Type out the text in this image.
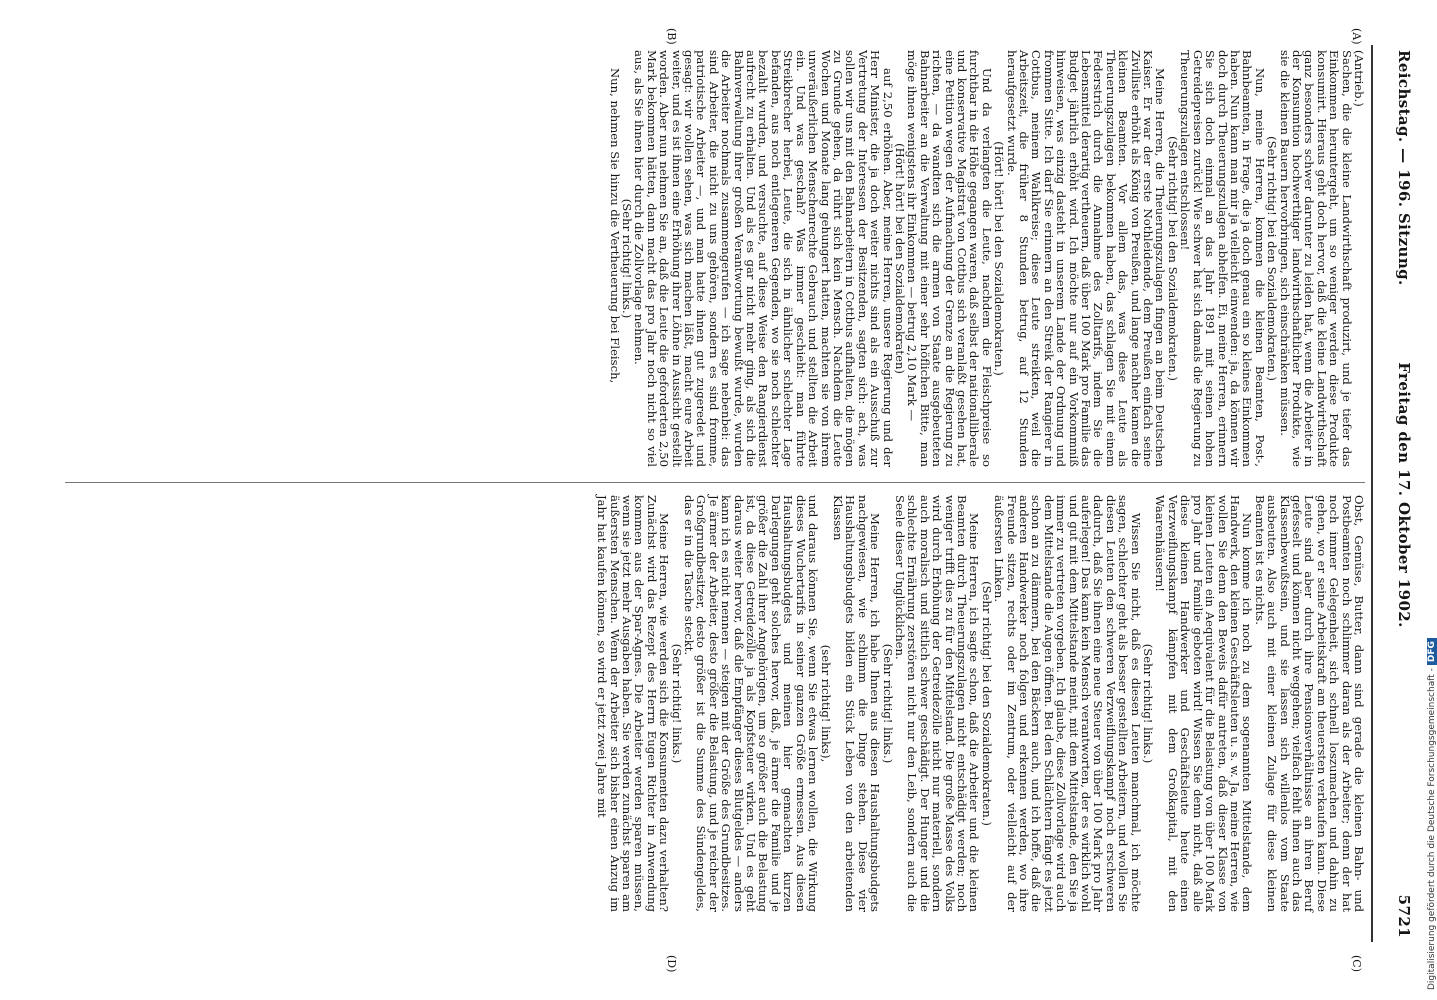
Reichstag. — 196. Sitzung.
Freitag den 17. Oktober 1902.
5721
(A)
(B)
(C)
(D)

(Antrieb.)

Sachen, die die kleine Landwirthschaft produzirt, und je tiefer das Einkommen heruntergeht, um so weniger werden diese Produkte konsumirt. Hieraus geht doch hervor, daß die kleine Landwirthschaft ganz besonders schwer darunter zu leiden hat, wenn die Arbeiter in der Konsumtion hochwerthiger landwirthschaftlicher Produkte, wie sie die kleinen Bauern hervorbringen, sich einschränken müssen.

(Sehr richtig! bei den Sozialdemokraten.)

Nun, meine Herren, kommen die kleinen Beamten, Post-, Bahnbeamten, in Frage, die ja doch genau ein so kleines Einkommen haben. Nun kann man mir ja vielleicht einwenden: ja, da können wir doch durch Theuerungszulagen abhelfen. Ei, meine Herren, erinnern Sie sich doch einmal an das Jahr 1891 mit seinen hohen Getreidepreisen zurück! Wie schwer hat sich damals die Regierung zu Theuerungszulagen entschlossen!

(Sehr richtig! bei den Sozialdemokraten.)

Meine Herren, die Theuerungszulagen fingen an beim Deutschen Kaiser. Er war der erste Nothleidende, dem Preußen einfach seine Zivilliste erhöht als König von Preußen, und lange nachher kamen die kleinen Beamten. Vor allem das, was diese Leute als Theuerungszulagen bekommen haben, das schlagen Sie mit einem Federstrich durch die Annahme des Zolltarifs, indem Sie die Lebensmittel derartig vertheuern, daß über 100 Mark pro Familie das Budget jährlich erhöht wird. Ich möchte nur auf ein Vorkommniß hinweisen, was einzig dasteht in unserem Lande der Ordnung und frommen Sitte. Ich darf Sie erinnern an den Streik der Rangierer in Cottbus, meinem Wahlkreise; diese Leute streikten, weil die Arbeitszeit, die früher 8 Stunden betrug, auf 12 Stunden heraufgesetzt wurde.

(Hört! hört! bei den Sozialdemokraten.)

Und da verlangten die Leute, nachdem die Fleischpreise so furchtbar in die Höhe gegangen waren, daß selbst der nationalliberale und konservative Magistrat von Cottbus sich veranlaßt gesehen hat, eine Petition wegen der Aufmachung der Grenze an die Regierung zu richten, — da wandten sich die armen von Staate ausgebeuteten Bahnarbeiter an die Verwaltung mit einer sehr höflichen Bitte, man möge ihnen wenigstens ihr Einkommen — betrug 2,10 Mark —

(Hört! hört! bei den Sozialdemokraten)

auf 2,50 erhöhen. Aber, meine Herren, unsere Regierung und der Herr Minister, die ja doch weiter nichts sind als ein Ausschuß zur Vertretung der Interessen der Besitzenden, sagten sich: ach, was sollen wir uns mit den Bahnarbeitern in Cottbus aufhalten, die mögen zu Grunde gehen, da rührt sich kein Mensch. Nachdem die Leute Wochen und Monate lang gehungert hatten, machten sie von ihrem unveräußerlichen Menschenrechte Gebrauch und stellten die Arbeit ein. Und was geschah? Was immer geschieht: man führte Streikbrecher herbei, Leute, die sich in ähnlicher schlechter Lage befanden, aus noch entlegeneren Gegenden, wo sie noch schlechter bezahlt wurden, und versuchte, auf diese Weise den Rangierdienst aufrecht zu erhalten. Und als es gar nicht mehr ging, als sich die Bahnverwaltung ihrer großen Verantwortung bewußt wurde, wurden die Arbeiter nochmals zusammengerufen — ich sage nebenbei: das sind Arbeiter, die nicht zu uns gehören, sondern es sind fromme, patriotische Arbeiter —, und man hatte ihnen gut zugeredet und gesagt: wir wollen sehen, was sich machen läßt, macht eure Arbeit weiter, und es ist ihnen eine Erhöhung ihrer Löhne in Aussicht gestellt worden. Aber nun nehmen Sie an, daß die Leute die geforderten 2,50 Mark bekommen hätten, dann macht das pro Jahr noch nicht so viel aus, als Sie ihnen hier durch die Zollvorlage nehmen.

(Sehr richtig! links.)

Nun, nehmen Sie hinzu die Vertheuerung bei Fleisch,

Obst, Gemüse, Butter, dann sind gerade die kleinen Bahn- und Postbeamten noch schlimmer daran als der Arbeiter; denn der hat noch immer Gelegenheit, sich schnell loszumachen und dahin zu gehen, wo er seine Arbeitskraft am theuersten verkaufen kann. Diese Leute sind aber durch ihre Pensionsverhältnisse an ihren Beruf gefesselt und können nicht weggehen; vielfach fehlt ihnen auch das Klassenbewußtsein, und sie lassen sich willenlos vom Staate ausbeuten. Also auch mit einer kleinen Zulage für diese kleinen Beamten ist es nichts.

Nun komme ich noch zu dem sogenannten Mittelstande, dem Handwerk, den kleinen Geschäftsleuten u. s. w. Ja, meine Herren, wie wollen Sie denn den Beweis dafür antreten, daß dieser Klasse von kleinen Leuten ein Aequivalent für die Belastung von über 100 Mark pro Jahr und Familie geboten wird! Wissen Sie denn nicht, daß alle diese kleinen Handwerker und Geschäftsleute heute einen Verzweiflungskampf kämpfen mit dem Großkapital, mit den Waarenhäusern!

(Sehr richtig! links.)

Wissen Sie nicht, daß es diesen Leuten manchmal, ich möchte sagen, schlechter geht als besser gestellten Arbeitern, und wollen Sie diesen Leuten den schweren Verzweiflungskampf noch erschweren dadurch, daß Sie ihnen eine neue Steuer von über 100 Mark pro Jahr auferlegen! Das kann kein Mensch verantworten, der es wirklich wohl und gut mit dem Mittelstande meint, mit dem Mittelstande, den Sie ja immer zu vertreten vorgeben. Ich glaube, diese Zollvorlage wird auch dem Mittelstande die Augen öffnen. Bei den Schlächtern fängt es jetzt schon an zu dämmern, bei den Bäckern auch, und ich hoffe, daß die anderen Handwerker noch folgen und erkennen werden, wo ihre Freunde sitzen, rechts oder im Zentrum, oder vielleicht auf der äußersten Linken.

(Sehr richtig! bei den Sozialdemokraten.)

Meine Herren, ich sagte schon, daß die Arbeiter und die kleinen Beamten durch Theuerungszulagen nicht entschädigt werden; noch weniger trifft dies zu für den Mittelstand. Die große Masse des Volks wird durch Erhöhung der Getreidezölle nicht nur materiell, sondern auch moralisch und sittlich schwer geschädigt. Der Hunger und die schlechte Ernährung zerstören nicht nur den Leib, sondern auch die Seele dieser Unglücklichen.

(Sehr richtig! links.)

Meine Herren, ich habe Ihnen aus diesen Haushaltungsbudgets nachgewiesen, wie schlimm die Dinge stehen. Diese vier Haushaltungsbudgets bilden ein Stück Leben von den arbeitenden Klassen

(sehr richtig! links),

und daraus können Sie, wenn Sie etwas lernen wollen, die Wirkung dieses Wuchertarifs in seiner ganzen Größe ermessen. Aus diesen Haushaltungsbudgets und meinen hier gemachten kurzen Darlegungen geht solches hervor, daß, je ärmer die Familie und je größer die Zahl ihrer Angehörigen, um so größer auch die Belastung ist, da diese Getreidezölle ja als Kopfsteuer wirken. Und es geht daraus weiter hervor, daß die Empfänger dieses Blutgeldes — anders kann ich es nicht nennen — steigen mit der Größe des Grundbesitzes. Je ärmer der Arbeiter, desto größer die Belastung, und je reicher der Großgrundbesitzer, desto größer ist die Summe des Sündengeldes, das er in die Tasche steckt.

(Sehr richtig! links.)

Meine Herren, wie werden sich die Konsumenten dazu verhalten? Zunächst wird das Rezept des Herrn Eugen Richter in Anwendung kommen aus der Spar-Agnes. Die Arbeiter werden sparen müssen, wenn sie jetzt mehr Ausgaben haben. Sie werden zunächst sparen am äußersten Menschen. Wenn der Arbeiter sich bisher einen Anzug im Jahr hat kaufen können, so wird er jetzt zwei Jahre mit

Digitalisierung gefördert durch die Deutsche Forschungsgemeinschaft -DFG
